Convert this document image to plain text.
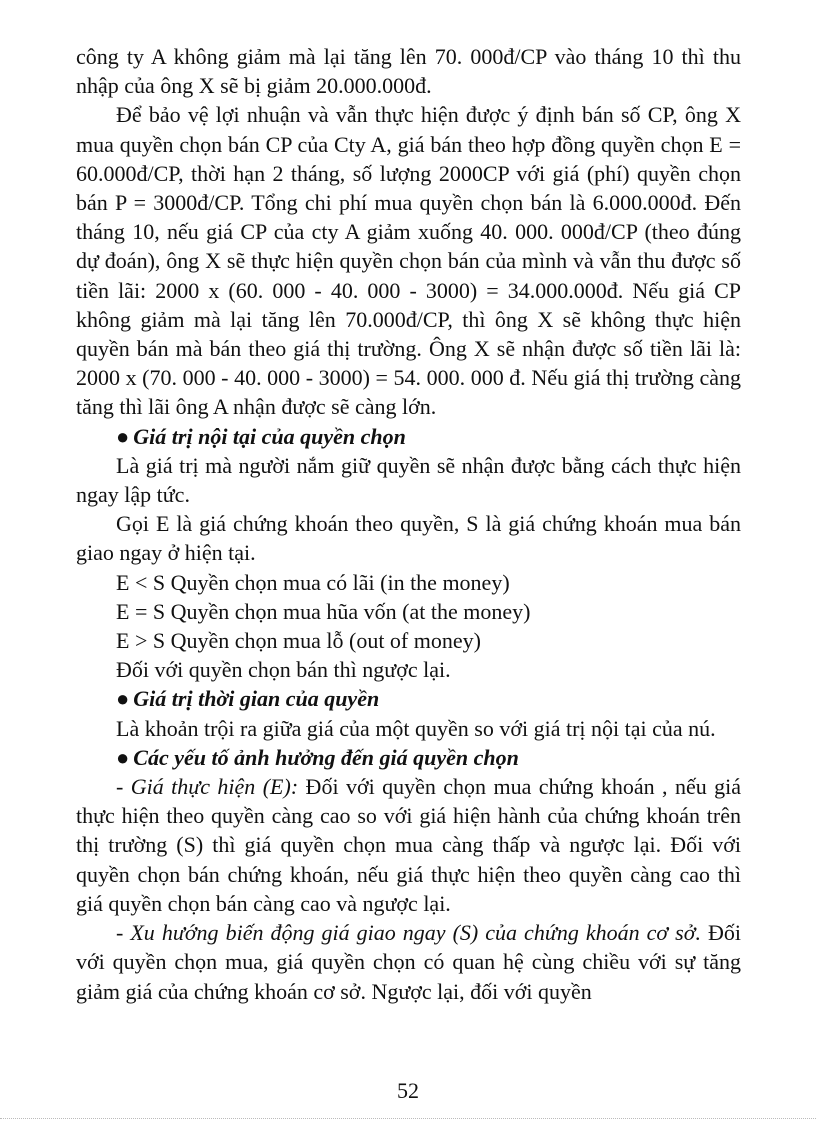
công ty A không giảm mà lại tăng lên 70. 000đ/CP vào tháng 10 thì thu nhập của ông X sẽ bị giảm 20.000.000đ.

Để bảo vệ lợi nhuận và vẫn thực hiện được ý định bán số CP, ông X mua quyền chọn bán CP của Cty A, giá bán theo hợp đồng quyền chọn E = 60.000đ/CP, thời hạn 2 tháng, số lượng 2000CP với giá (phí) quyền chọn bán P = 3000đ/CP. Tổng chi phí mua quyền chọn bán là 6.000.000đ. Đến tháng 10, nếu giá CP của cty A giảm xuống 40. 000. 000đ/CP (theo đúng dự đoán), ông X sẽ thực hiện quyền chọn bán của mình và vẫn thu được số tiền lãi: 2000 x (60. 000 - 40. 000 - 3000) = 34.000.000đ. Nếu giá CP không giảm mà lại tăng lên 70.000đ/CP, thì ông X sẽ không thực hiện quyền bán mà bán theo giá thị trường. Ông X sẽ nhận được số tiền lãi là: 2000 x (70. 000 - 40. 000 - 3000) = 54. 000. 000 đ. Nếu giá thị trường càng tăng thì lãi ông A nhận được sẽ càng lớn.

● Giá trị nội tại của quyền chọn

Là giá trị mà người nắm giữ quyền sẽ nhận được bằng cách thực hiện ngay lập tức.

Gọi E là giá chứng khoán theo quyền, S là giá chứng khoán mua bán giao ngay ở hiện tại.

E < S Quyền chọn mua có lãi (in the money)

E = S Quyền chọn mua hũa vốn (at the money)

E > S Quyền chọn mua lỗ (out of money)

Đối với quyền chọn bán thì ngược lại.

● Giá trị thời gian của quyền

Là khoản trội ra giữa giá của một quyền so với giá trị nội tại của nú.

● Các yếu tố ảnh hưởng đến giá quyền chọn

- Giá thực hiện (E): Đối với quyền chọn mua chứng khoán , nếu giá thực hiện theo quyền càng cao so với giá hiện hành của chứng khoán trên thị trường (S) thì giá quyền chọn mua càng thấp và ngược lại. Đối với quyền chọn bán chứng khoán, nếu giá thực hiện theo quyền càng cao thì giá quyền chọn bán càng cao và ngược lại.

- Xu hướng biến động giá giao ngay (S) của chứng khoán cơ sở. Đối với quyền chọn mua, giá quyền chọn có quan hệ cùng chiều với sự tăng giảm giá của chứng khoán cơ sở. Ngược lại, đối với quyền

52
